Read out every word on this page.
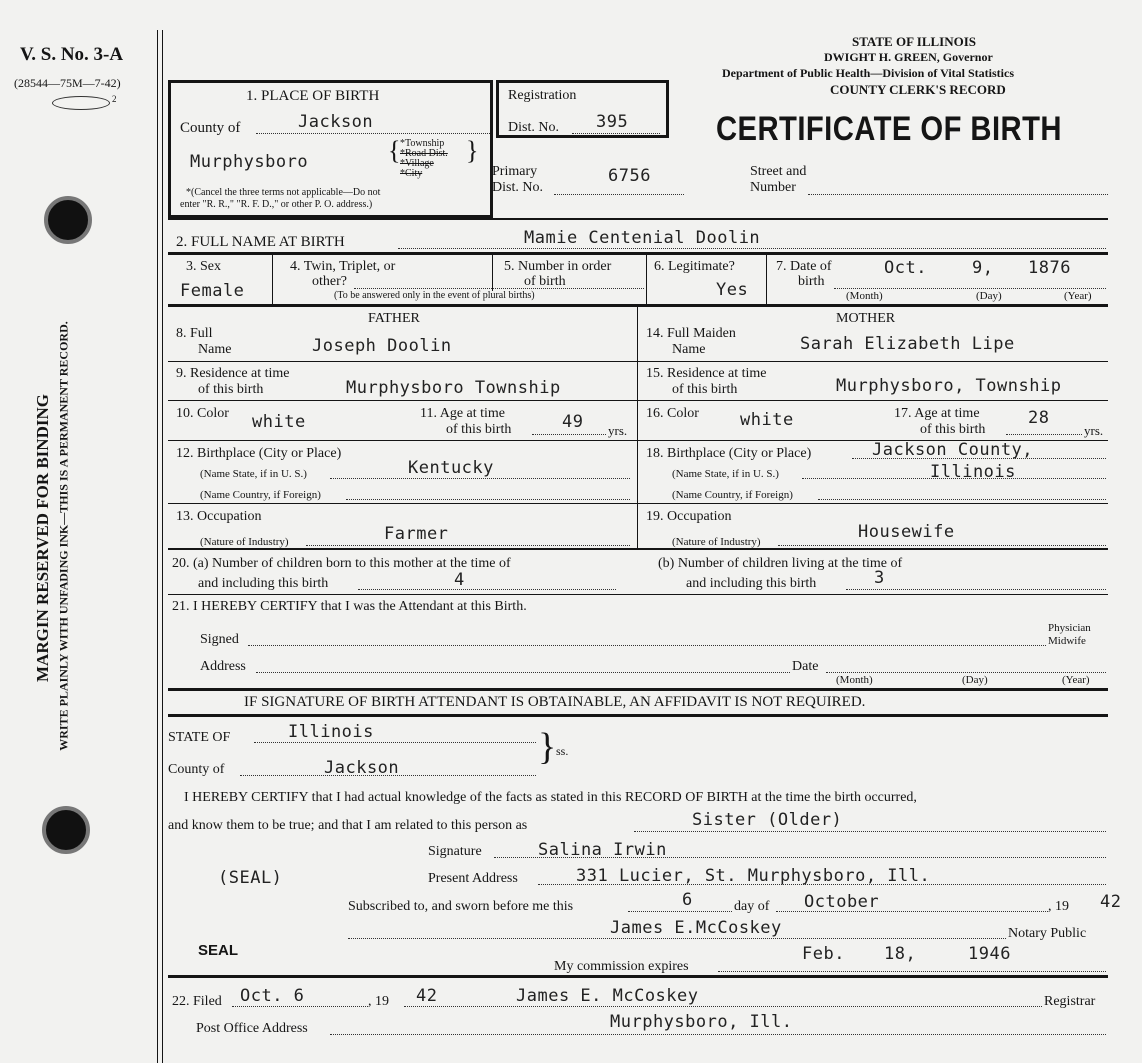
V. S. No. 3-A
(28544—75M—7-42)
2
MARGIN RESERVED FOR BINDING WRITE PLAINLY WITH UNFADING INK—THIS IS A PERMANENT RECORD.
STATE OF ILLINOIS
DWIGHT H. GREEN, Governor
Department of Public Health—Division of Vital Statistics
COUNTY CLERK'S RECORD
CERTIFICATE OF BIRTH
1. PLACE OF BIRTH
County of	Jackson
Murphysboro	{ *Township
*Road Dist.
*Village
*City
}
*(Cancel the three terms not applicable—Do not
enter "R. R.," "R. F. D.," or other P. O. address.)
Registration
Dist. No. 395
Primary
Dist. No.
6756	Street and
Number
2. FULL NAME AT BIRTH	Mamie Centenial Doolin
3. Sex
Female
4. Twin, Triplet, or
other?
5. Number in order
of birth
(To be answered only in the event of plural births)
6. Legitimate?
Yes
7. Date of
birth
Oct.	9, 1876
(Month)	(Day)	(Year)
FATHER	MOTHER
8. Full
Name	Joseph Doolin
14. Full Maiden
Name	Sarah Elizabeth Lipe
9. Residence at time
of this birth	Murphysboro Township
15. Residence at time
of this birth	Murphysboro, Township
10. Color white	11. Age at time
of this birth	49 yrs.
16. Color white	17. Age at time
of this birth
28
yrs.
12. Birthplace (City or Place)
(Name State, if in U. S.)	Kentucky
(Name Country, if Foreign)
18. Birthplace (City or Place)	Jackson County,
(Name State, if in U. S.)	Illinois
(Name Country, if Foreign)
13. Occupation
(Nature of Industry)	Farmer
19. Occupation
(Nature of Industry)	Housewife
20. (a) Number of children born to this mother at the time of
and including this birth	4
(b) Number of children living at the time of
and including this birth	3
21. I HEREBY CERTIFY that I was the Attendant at this Birth.
Signed
Physician
Midwife
Address	Date
(Month)	(Day)	(Year)
IF SIGNATURE OF BIRTH ATTENDANT IS OBTAINABLE, AN AFFIDAVIT IS NOT REQUIRED.
STATE OF	Illinois
County of	Jackson	} ss.
I HEREBY CERTIFY that I had actual knowledge of the facts as stated in this RECORD OF BIRTH at the time the birth occurred,
and know them to be true; and that I am related to this person as	Sister (Older)
Signature	Salina Irwin
(SEAL)	Present Address	331 Lucier, St. Murphysboro, Ill.
Subscribed to, and sworn before me this	6	day of October	, 19 42
James E.McCoskey	Notary Public
SEAL
My commission expires
Feb. 18,	1946
22. Filed Oct. 6	, 19 42	James E. McCoskey	Registrar
Post Office Address	Murphysboro, Ill.
